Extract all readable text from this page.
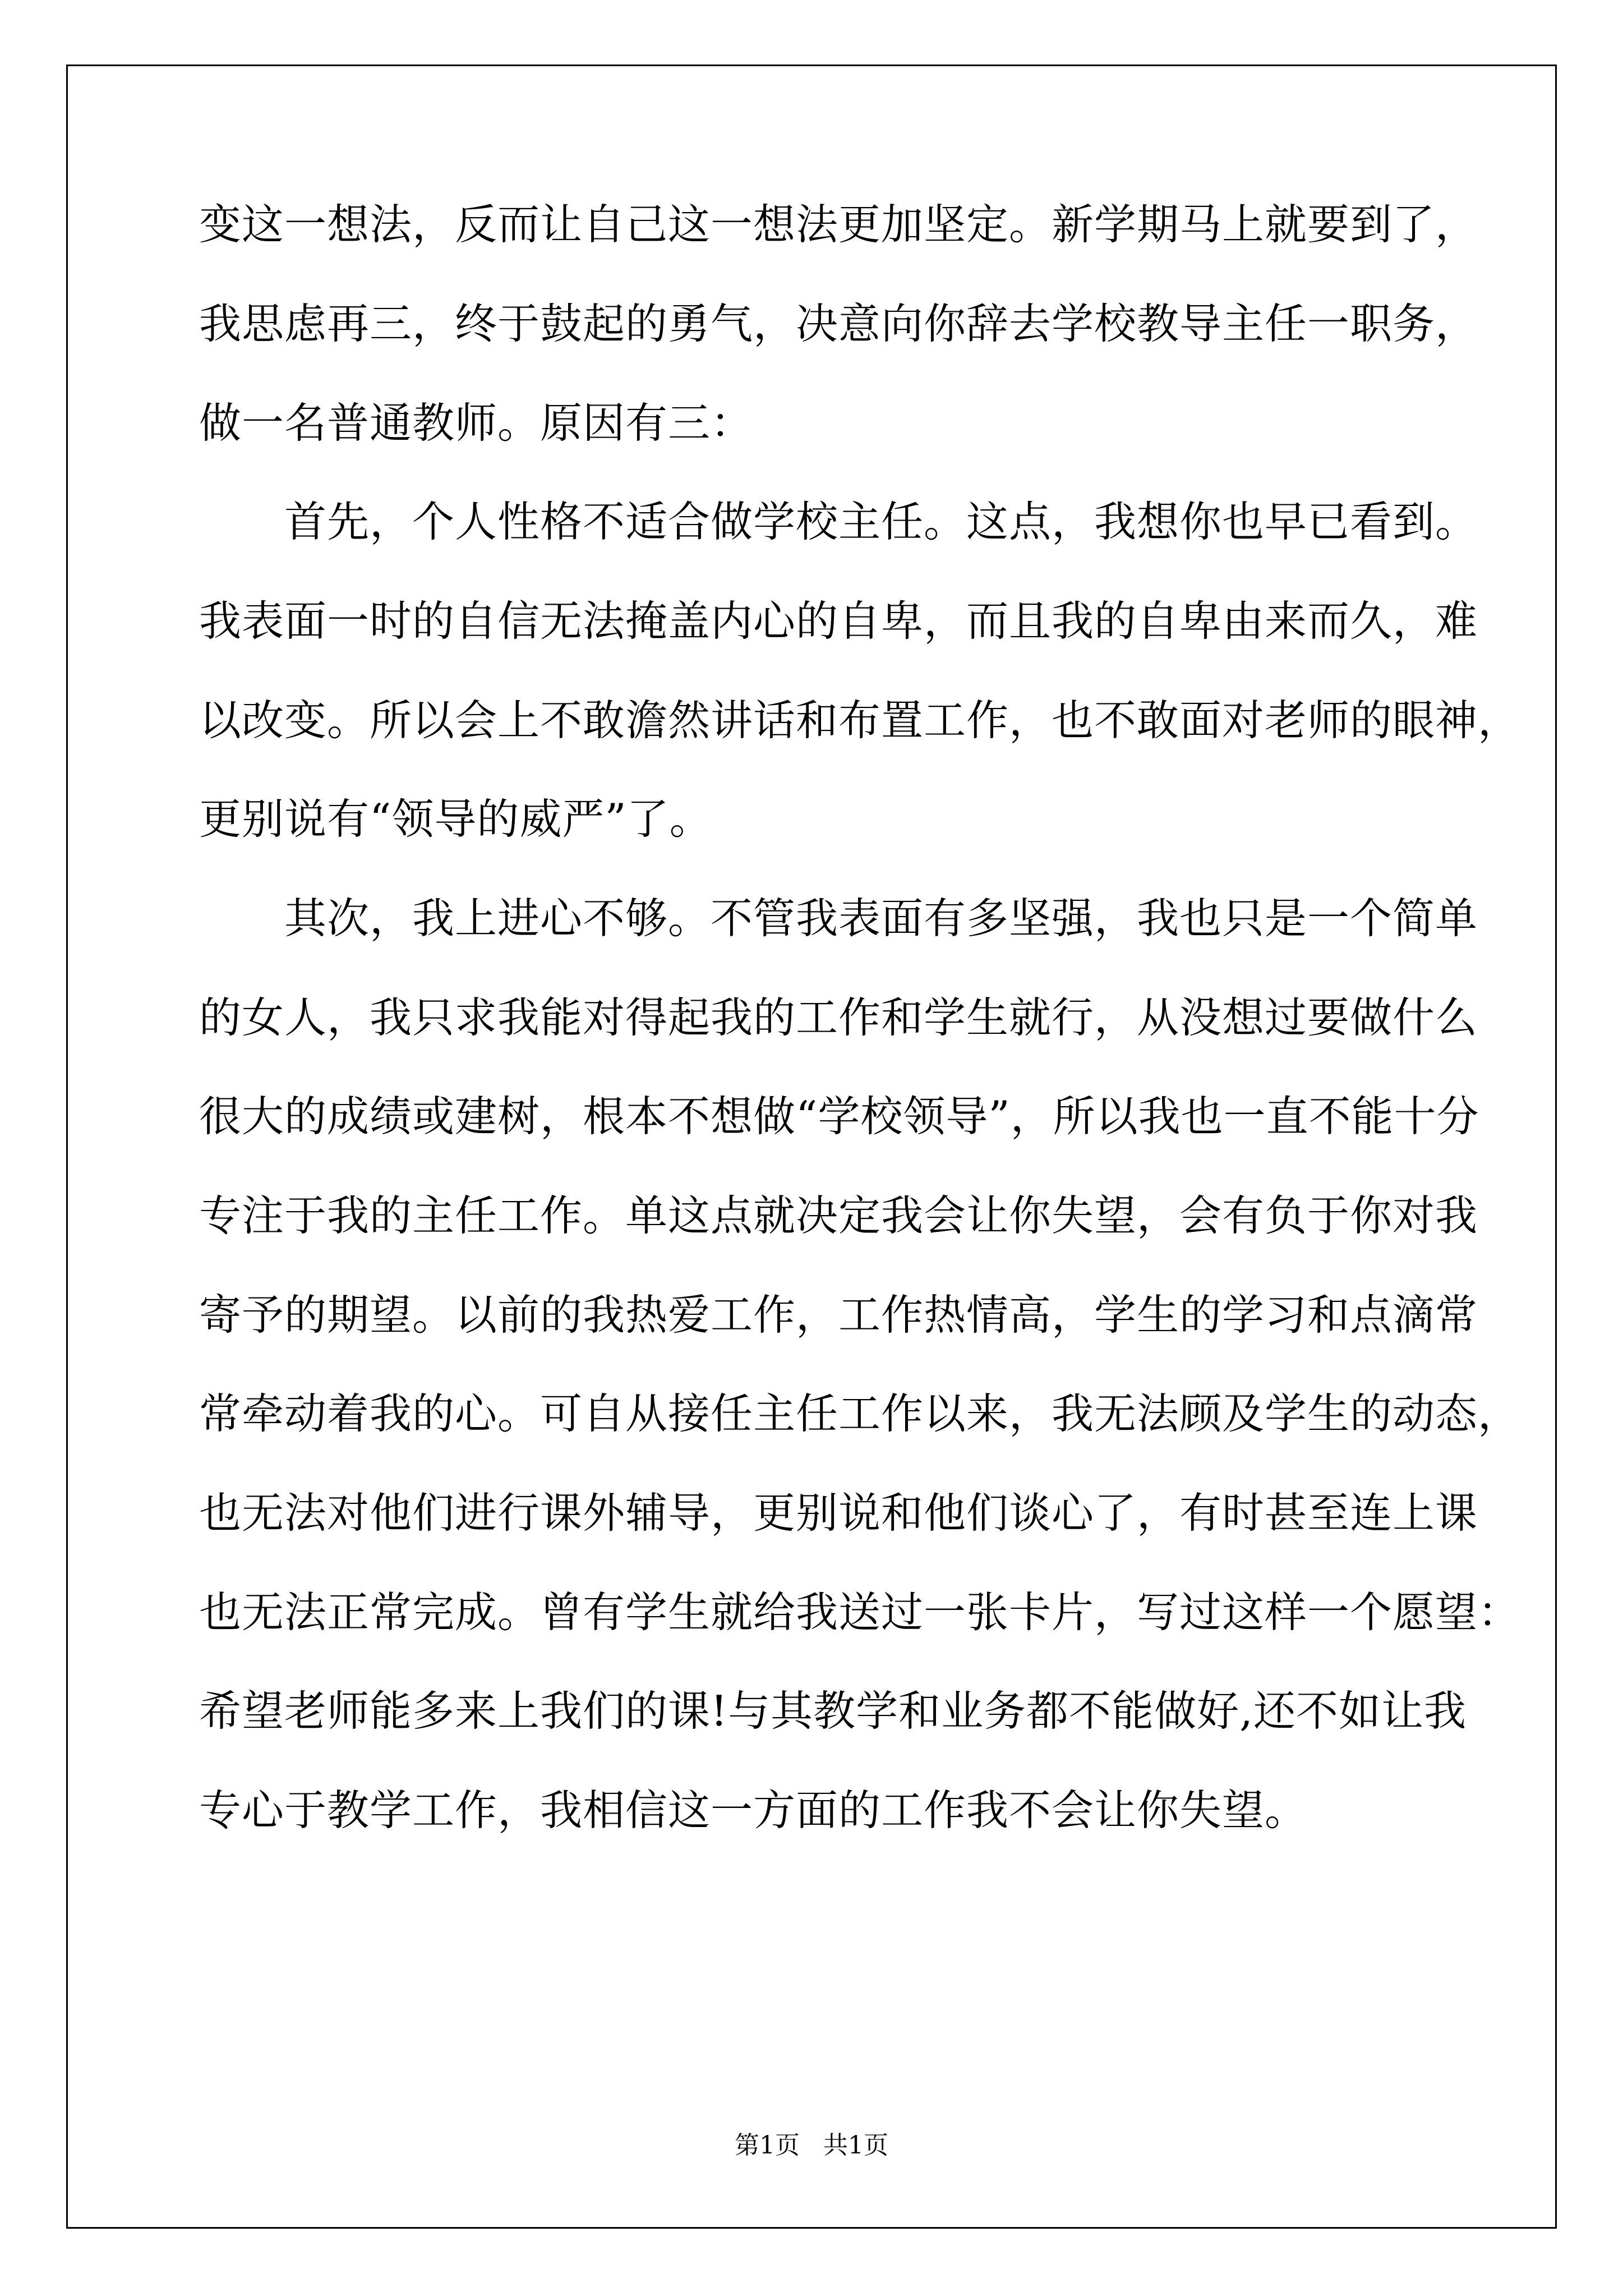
变这一想法，反而让自己这一想法更加坚定。新学期马上就要到了，
我思虑再三，终于鼓起的勇气，决意向你辞去学校教导主任一职务，
做一名普通教师。原因有三：
　　首先，个人性格不适合做学校主任。这点，我想你也早已看到。
我表面一时的自信无法掩盖内心的自卑，而且我的自卑由来而久，难
以改变。所以会上不敢澹然讲话和布置工作，也不敢面对老师的眼神，
更别说有“领导的威严”了。
　　其次，我上进心不够。不管我表面有多坚强，我也只是一个简单
的女人，我只求我能对得起我的工作和学生就行，从没想过要做什么
很大的成绩或建树，根本不想做“学校领导”，所以我也一直不能十分
专注于我的主任工作。单这点就决定我会让你失望，会有负于你对我
寄予的期望。以前的我热爱工作，工作热情高，学生的学习和点滴常
常牵动着我的心。可自从接任主任工作以来，我无法顾及学生的动态，
也无法对他们进行课外辅导，更别说和他们谈心了，有时甚至连上课
也无法正常完成。曾有学生就给我送过一张卡片，写过这样一个愿望：
希望老师能多来上我们的课!与其教学和业务都不能做好,还不如让我
专心于教学工作，我相信这一方面的工作我不会让你失望。
第1页 共1页
